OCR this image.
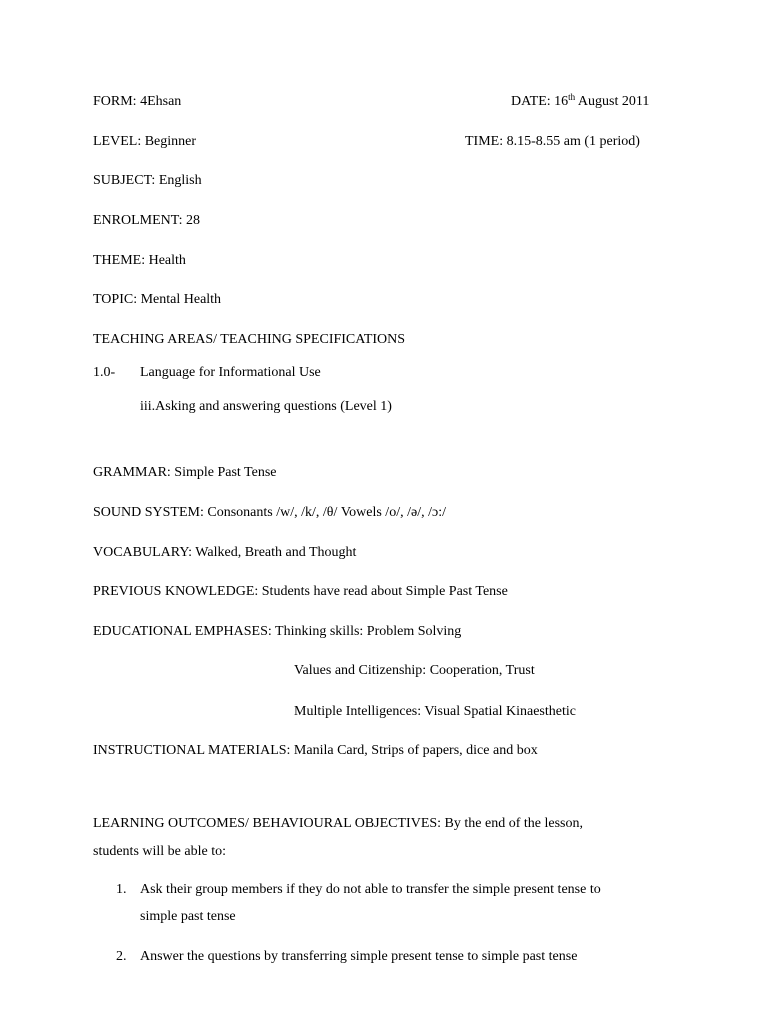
FORM: 4Ehsan	DATE: 16th August 2011
LEVEL: Beginner	TIME: 8.15-8.55 am (1 period)
SUBJECT: English
ENROLMENT: 28
THEME: Health
TOPIC: Mental Health
TEACHING AREAS/ TEACHING SPECIFICATIONS
1.0- Language for Informational Use
iii.Asking and answering questions (Level 1)
GRAMMAR: Simple Past Tense
SOUND SYSTEM: Consonants /w/, /k/, /θ/ Vowels /o/, /ə/, /ɔ:/
VOCABULARY: Walked, Breath and Thought
PREVIOUS KNOWLEDGE: Students have read about Simple Past Tense
EDUCATIONAL EMPHASES: Thinking skills: Problem Solving
Values and Citizenship: Cooperation, Trust
Multiple Intelligences: Visual Spatial Kinaesthetic
INSTRUCTIONAL MATERIALS: Manila Card, Strips of papers, dice and box
LEARNING OUTCOMES/ BEHAVIOURAL OBJECTIVES: By the end of the lesson,
students will be able to:
1. Ask their group members if they do not able to transfer the simple present tense to
simple past tense
2. Answer the questions by transferring simple present tense to simple past tense
